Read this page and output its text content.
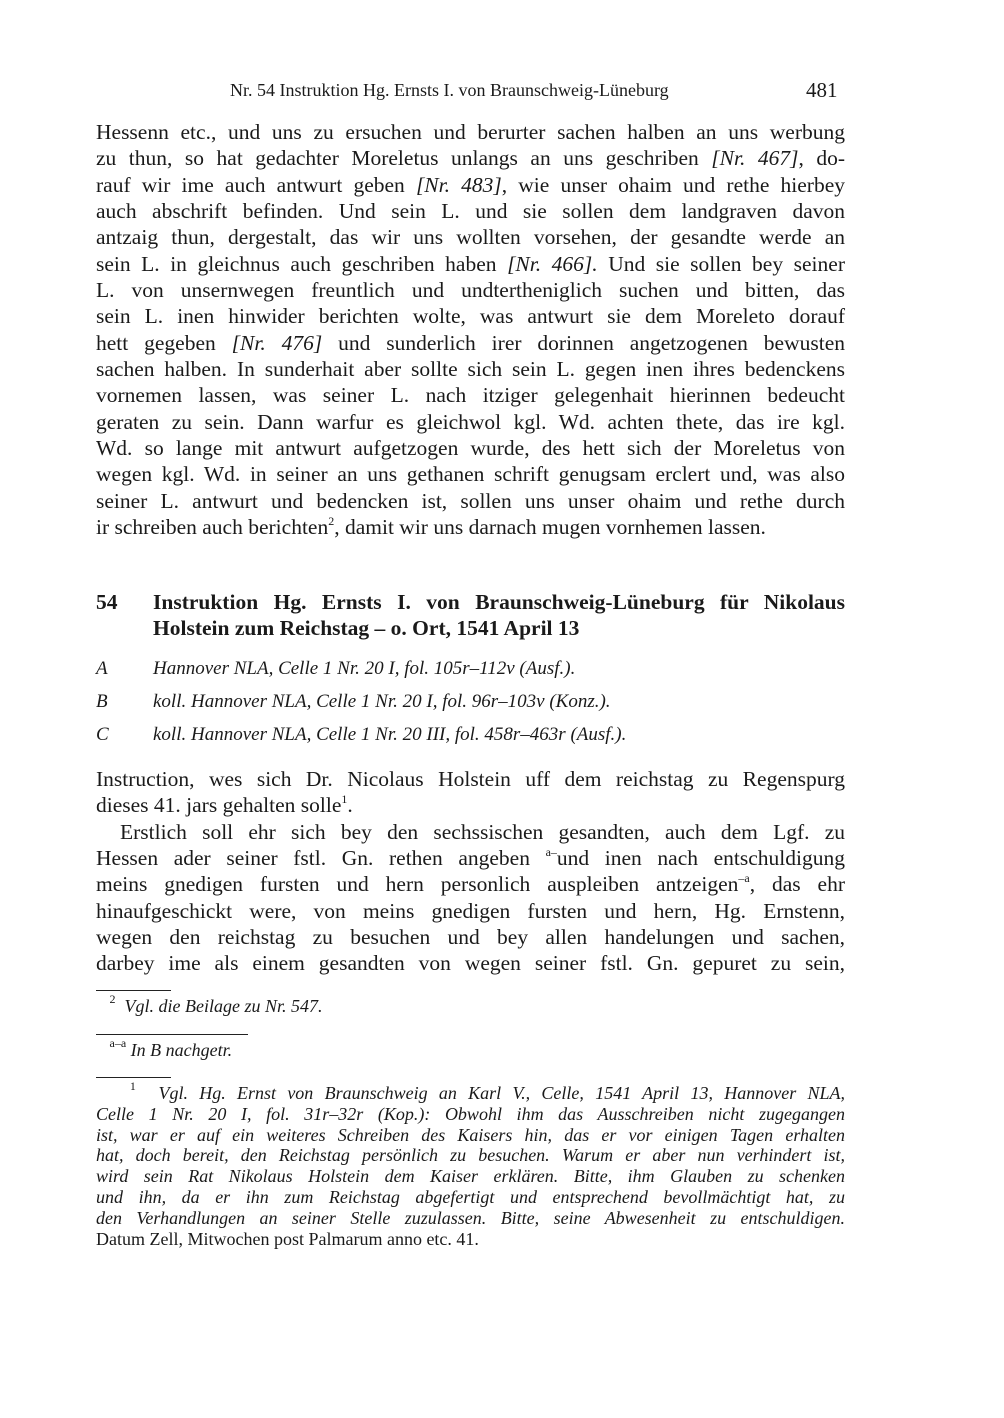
Nr. 54 Instruktion Hg. Ernsts I. von Braunschweig-Lüneburg	481
Hessenn etc., und uns zu ersuchen und berurter sachen halben an uns werbung
zu thun, so hat gedachter Moreletus unlangs an uns geschriben [Nr. 467], do-
rauf wir ime auch antwurt geben [Nr. 483], wie unser ohaim und rethe hierbey
auch abschrift befinden. Und sein L. und sie sollen dem landgraven davon
antzaig thun, dergestalt, das wir uns wollten vorsehen, der gesandte werde an
sein L. in gleichnus auch geschriben haben [Nr. 466]. Und sie sollen bey seiner
L. von unsernwegen freuntlich und undtertheniglich suchen und bitten, das
sein L. inen hinwider berichten wolte, was antwurt sie dem Moreleto dorauf
hett gegeben [Nr. 476] und sunderlich irer dorinnen angetzogenen bewusten
sachen halben. In sunderhait aber sollte sich sein L. gegen inen ihres bedenckens
vornemen lassen, was seiner L. nach itziger gelegenhait hierinnen bedeucht
geraten zu sein. Dann warfur es gleichwol kgl. Wd. achten thete, das ire kgl.
Wd. so lange mit antwurt aufgetzogen wurde, des hett sich der Moreletus von
wegen kgl. Wd. in seiner an uns gethanen schrift genugsam erclert und, was also
seiner L. antwurt und bedencken ist, sollen uns unser ohaim und rethe durch
ir schreiben auch berichten$^2$, damit wir uns darnach mugen vornhemen lassen.
54 Instruktion Hg. Ernsts I. von Braunschweig-Lüneburg für Nikolaus Holstein zum Reichstag – o. Ort, 1541 April 13
A Hannover NLA, Celle 1 Nr. 20 I, fol. 105r–112v (Ausf.).
B koll. Hannover NLA, Celle 1 Nr. 20 I, fol. 96r–103v (Konz.).
C koll. Hannover NLA, Celle 1 Nr. 20 III, fol. 458r–463r (Ausf.).
Instruction, wes sich Dr. Nicolaus Holstein uff dem reichstag zu Regenspurg
dieses 41. jars gehalten solle$^1$.
Erstlich soll ehr sich bey den sechssischen gesandten, auch dem Lgf. zu
Hessen ader seiner fstl. Gn. rethen angeben $^{a-}$und inen nach entschuldigung
meins gnedigen fursten und hern personlich auspleiben antzeigen$^{-a}$, das ehr
hinaufgeschickt were, von meins gnedigen fursten und hern, Hg. Ernstenn,
wegen den reichstag zu besuchen und bey allen handelungen und sachen,
darbey ime als einem gesandten von wegen seiner fstl. Gn. gepuret zu sein,
$^2$ Vgl. die Beilage zu Nr. 547.
$^{a-a}$ In B nachgetr.
$^1$ Vgl. Hg. Ernst von Braunschweig an Karl V., Celle, 1541 April 13, Hannover NLA,
Celle 1 Nr. 20 I, fol. 31r–32r (Kop.): Obwohl ihm das Ausschreiben nicht zugegangen
ist, war er auf ein weiteres Schreiben des Kaisers hin, das er vor einigen Tagen erhalten
hat, doch bereit, den Reichstag persönlich zu besuchen. Warum er aber nun verhindert ist,
wird sein Rat Nikolaus Holstein dem Kaiser erklären. Bitte, ihm Glauben zu schenken
und ihn, da er ihn zum Reichstag abgefertigt und entsprechend bevollmächtigt hat, zu
den Verhandlungen an seiner Stelle zuzulassen. Bitte, seine Abwesenheit zu entschuldigen.
Datum Zell, Mitwochen post Palmarum anno etc. 41.
